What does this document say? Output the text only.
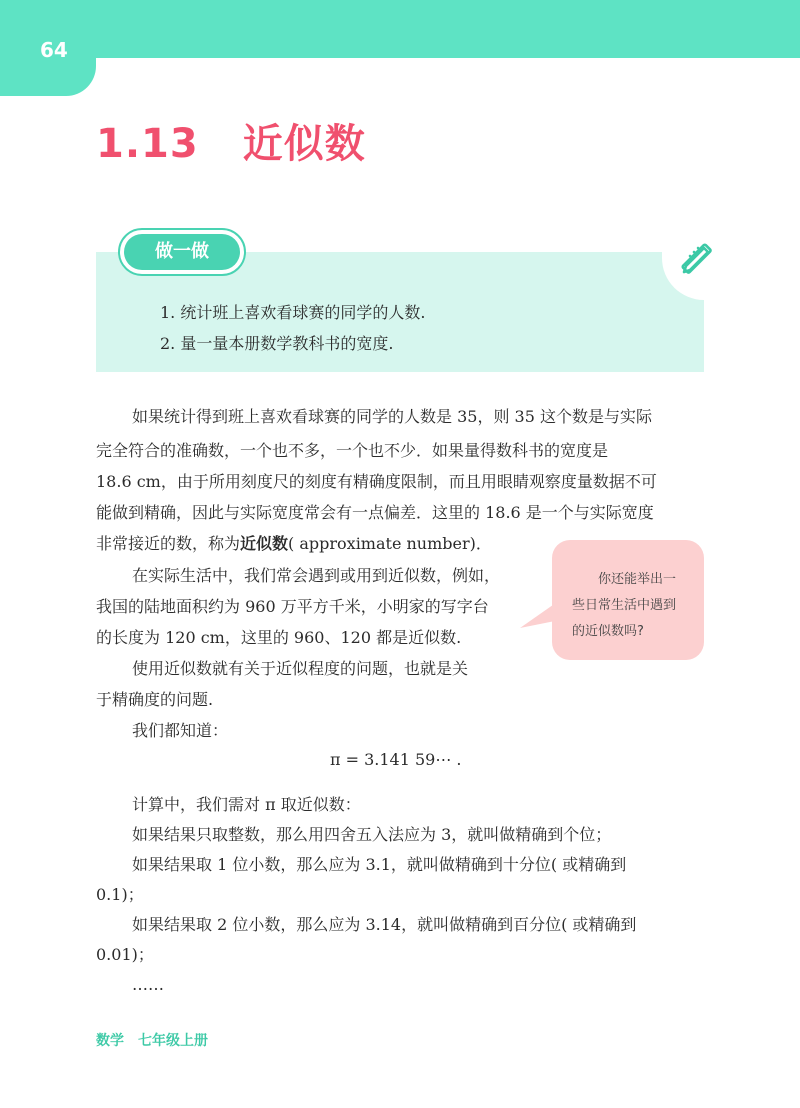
64
1.13 近似数
做一做
1. 统计班上喜欢看球赛的同学的人数.
2. 量一量本册数学教科书的宽度.
如果统计得到班上喜欢看球赛的同学的人数是 35，则 35 这个数是与实际
完全符合的准确数，一个也不多，一个也不少．如果量得数科书的宽度是
18.6 cm，由于所用刻度尺的刻度有精确度限制，而且用眼睛观察度量数据不可
能做到精确，因此与实际宽度常会有一点偏差．这里的 18.6 是一个与实际宽度
非常接近的数，称为近似数( approximate number)．
在实际生活中，我们常会遇到或用到近似数，例如，
我国的陆地面积约为 960 万平方千米，小明家的写字台
的长度为 120 cm，这里的 960、120 都是近似数.
使用近似数就有关于近似程度的问题，也就是关
于精确度的问题.
我们都知道：
π = 3.141 59⋯ .
计算中，我们需对 π 取近似数：
如果结果只取整数，那么用四舍五入法应为 3，就叫做精确到个位；
如果结果取 1 位小数，那么应为 3.1，就叫做精确到十分位( 或精确到
0.1)；
如果结果取 2 位小数，那么应为 3.14，就叫做精确到百分位( 或精确到
0.01)；
……
你还能举出一
些日常生活中遇到
的近似数吗?
数学　七年级上册
